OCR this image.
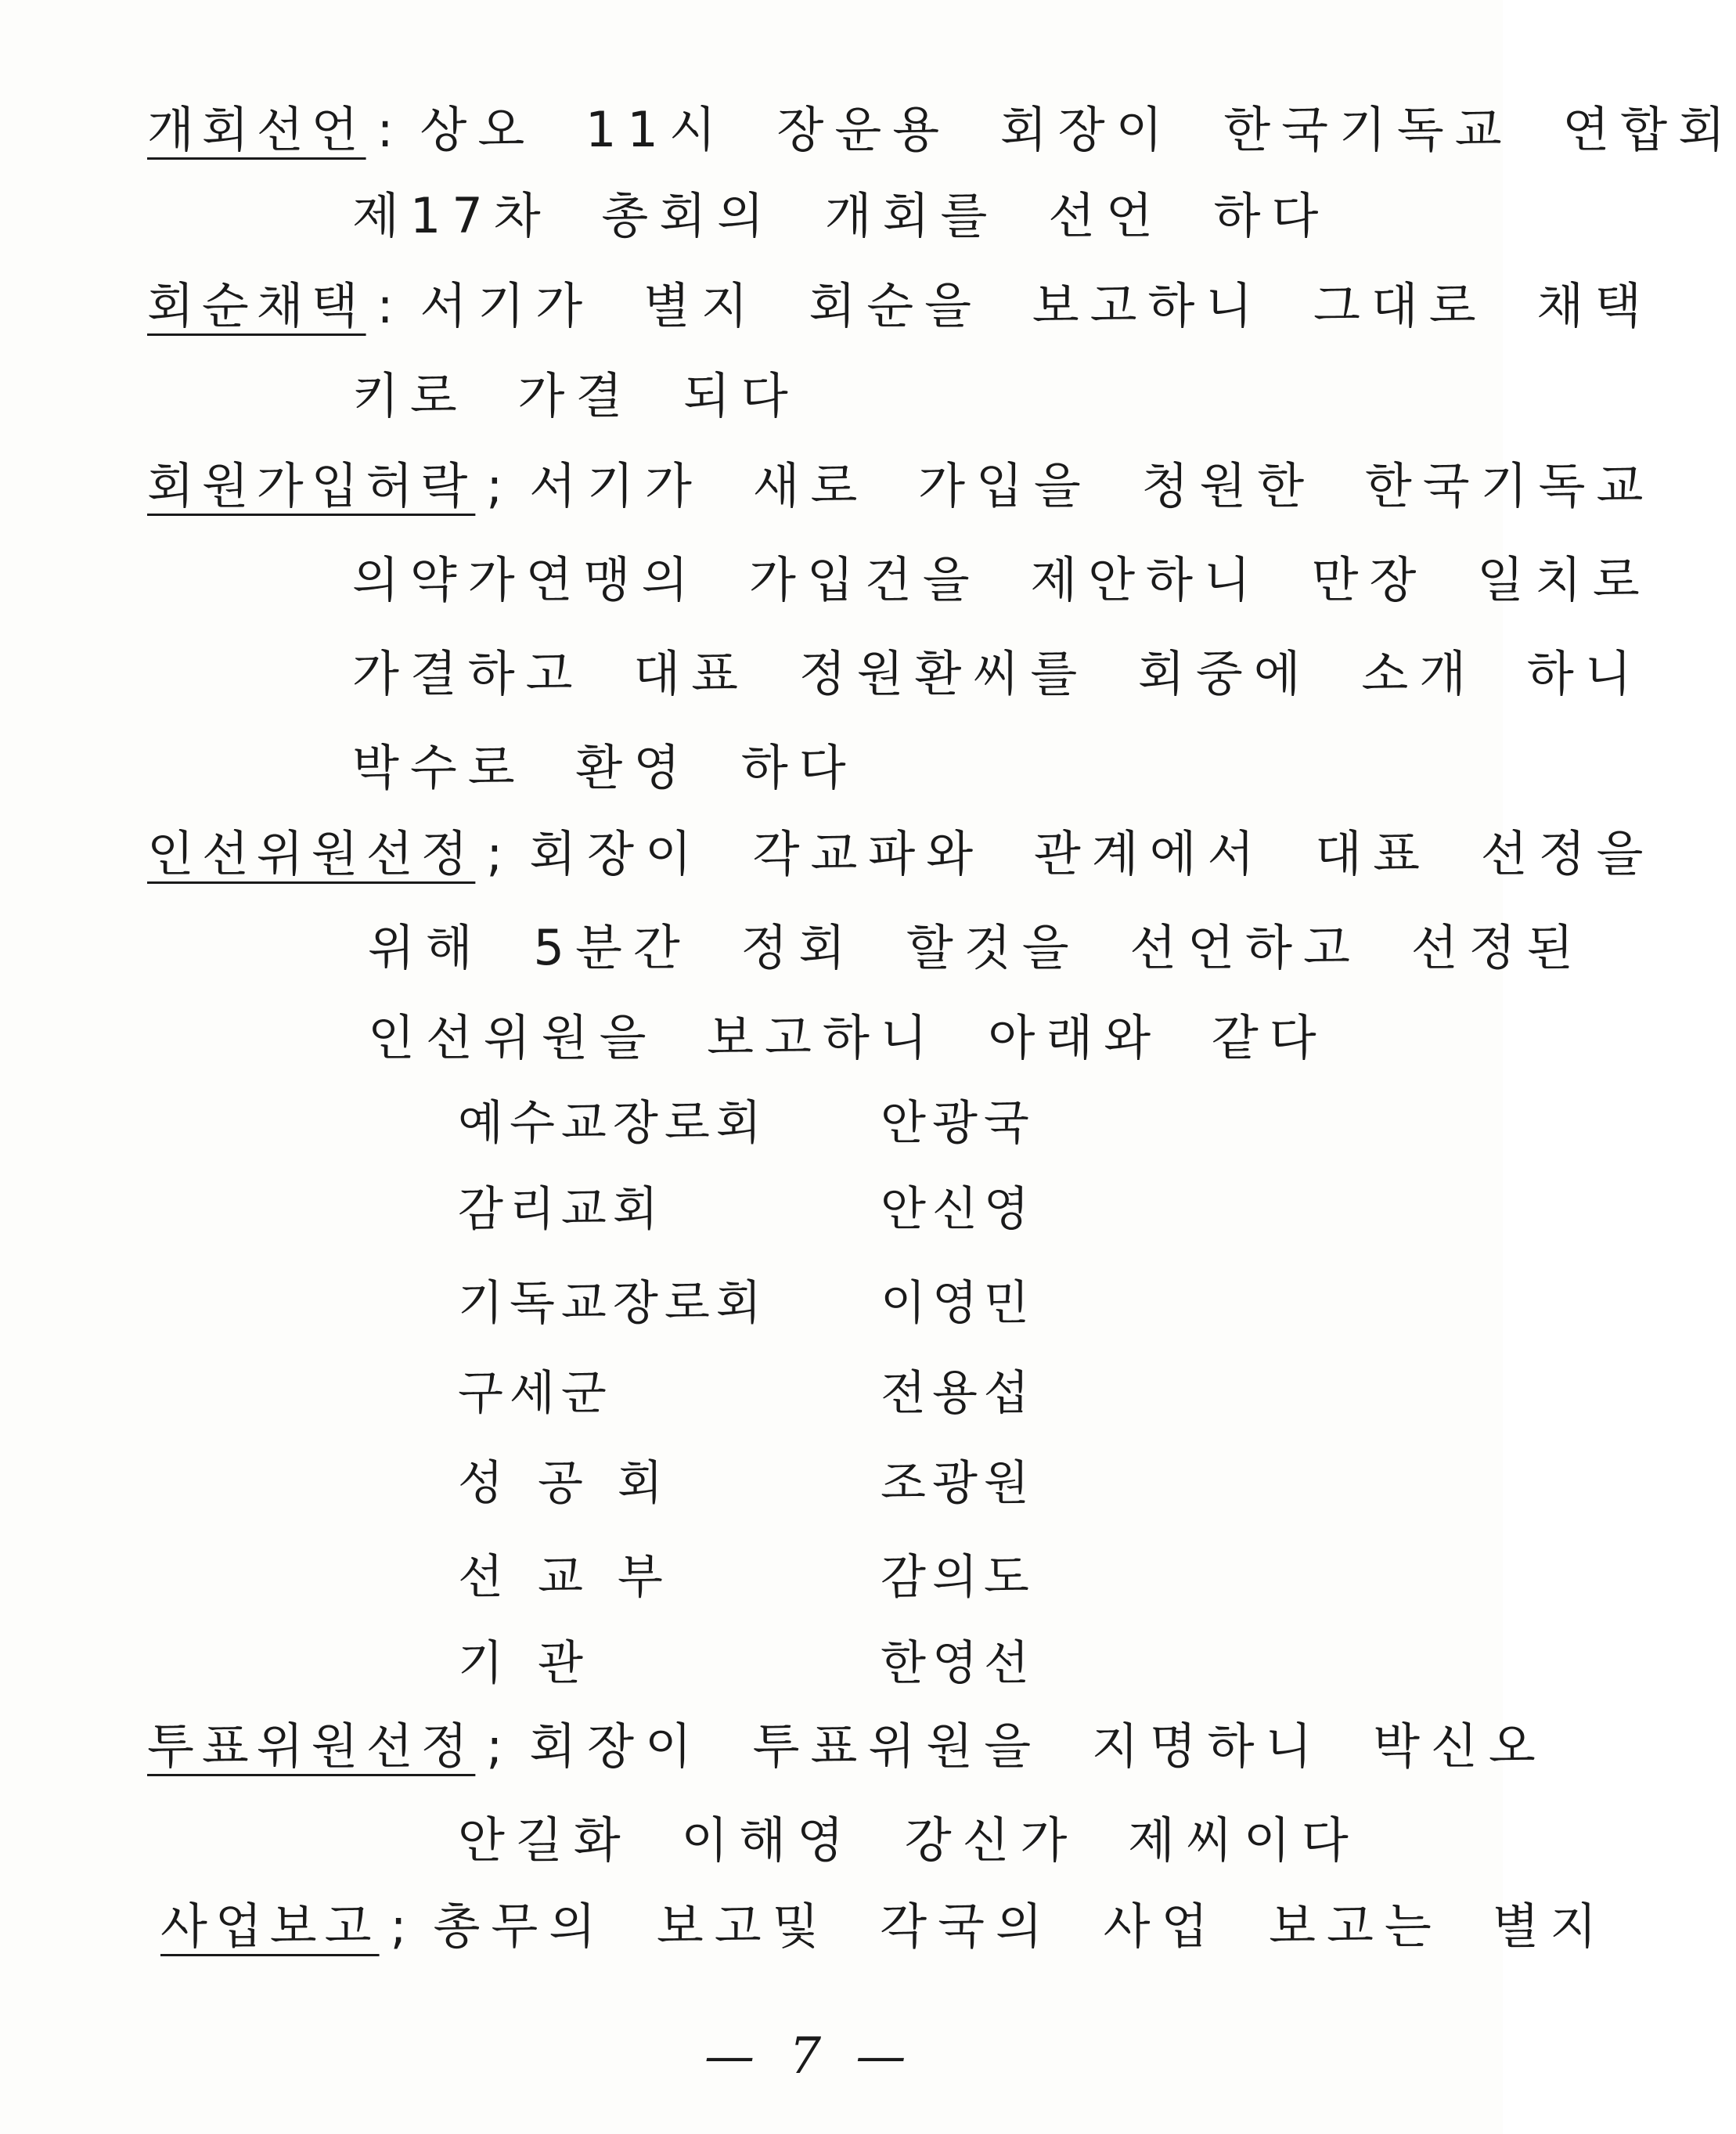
개회선언 : 상오 11시 장운용 회장이 한국기독교 연합회
제17차 총회의 개회를 선언 하다
회순채택 : 서기가 별지 회순을 보고하니 그대로 채택
키로 가결 되다
회원가입허락 ; 서기가 새로 가입을 청원한 한국기독교
의약가연맹의 가입건을 제안하니 만장 일치로
가결하고 대표 정원환씨를 회중에 소개 하니
박수로 환영 하다
인선위원선정 ; 회장이 각교파와 관계에서 대표 선정을
위해 5분간 정회 할것을 선언하고 선정된
인선위원을 보고하니 아래와 같다
예수교장로회 안광국
감리교회	안신영
기독교장로회 이영민
구세군	전용섭
성공회	조광원
선교부	감의도
기관	한영선
투표위원선정 ; 회장이 투표위원을 지명하니 박신오
안길화 이해영 강신가 제씨이다
사업보고 ; 총무의 보고및 각국의 사업 보고는 별지
— 7 —
